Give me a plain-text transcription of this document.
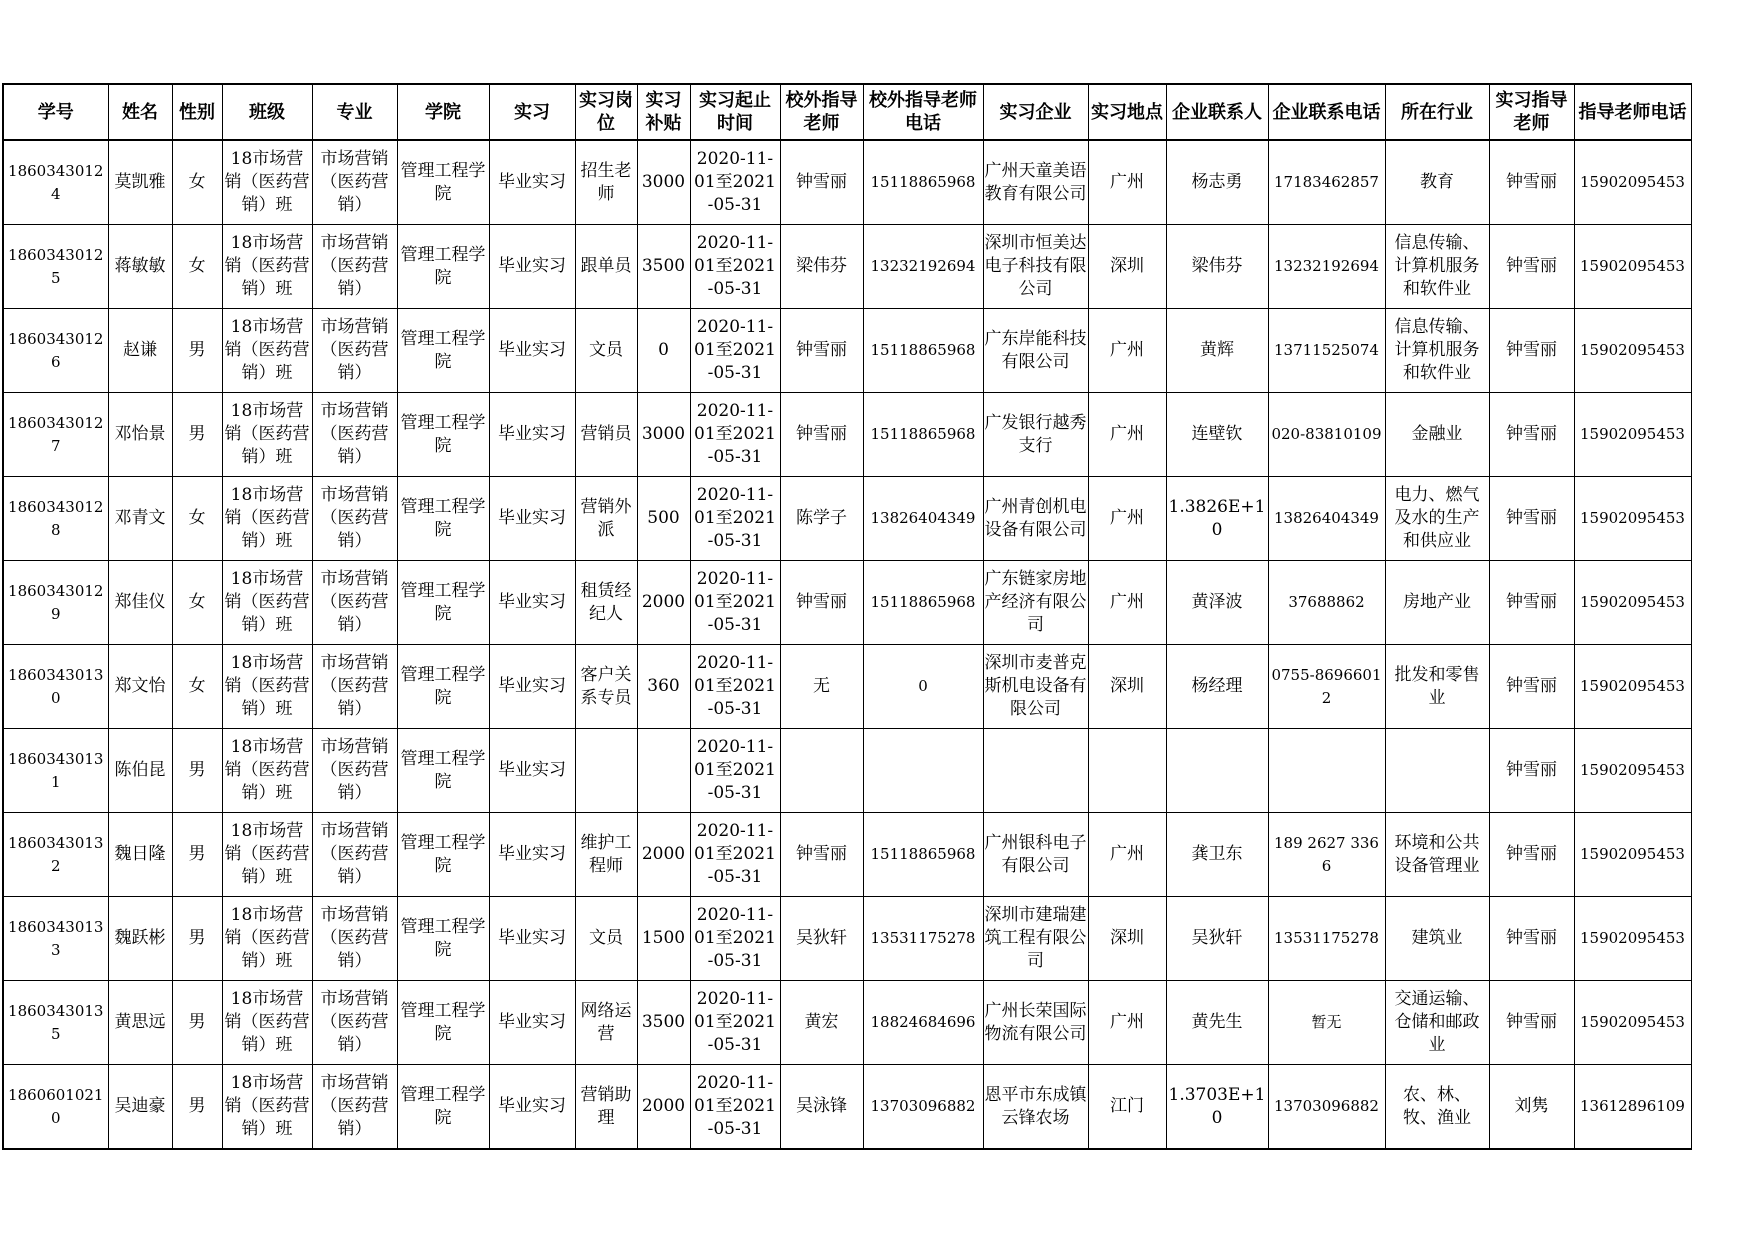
学号	姓名	性别	班级	专业	学院	实习	实习岗位	实习补贴	实习起止时间	校外指导老师	校外指导老师电话	实习企业	实习地点	企业联系人	企业联系电话	所在行业	实习指导老师	指导老师电话

18603430124	莫凯雅	女	18市场营销（医药营销）班	市场营销（医药营销）	管理工程学院	毕业实习	招生老师	3000	2020-11-01至2021-05-31	钟雪丽	15118865968	广州天童美语教育有限公司	广州	杨志勇	17183462857	教育	钟雪丽	15902095453

18603430125	蒋敏敏	女	18市场营销（医药营销）班	市场营销（医药营销）	管理工程学院	毕业实习	跟单员	3500	2020-11-01至2021-05-31	梁伟芬	13232192694	深圳市恒美达电子科技有限公司	深圳	梁伟芬	13232192694	信息传输、计算机服务和软件业	钟雪丽	15902095453

18603430126	赵谦	男	18市场营销（医药营销）班	市场营销（医药营销）	管理工程学院	毕业实习	文员	0	2020-11-01至2021-05-31	钟雪丽	15118865968	广东岸能科技有限公司	广州	黄辉	13711525074	信息传输、计算机服务和软件业	钟雪丽	15902095453

18603430127	邓怡景	男	18市场营销（医药营销）班	市场营销（医药营销）	管理工程学院	毕业实习	营销员	3000	2020-11-01至2021-05-31	钟雪丽	15118865968	广发银行越秀支行	广州	连壁钦	020-83810109	金融业	钟雪丽	15902095453

18603430128	邓青文	女	18市场营销（医药营销）班	市场营销（医药营销）	管理工程学院	毕业实习	营销外派	500	2020-11-01至2021-05-31	陈学子	13826404349	广州青创机电设备有限公司	广州	1.3826E+10	13826404349	电力、燃气及水的生产和供应业	钟雪丽	15902095453

18603430129	郑佳仪	女	18市场营销（医药营销）班	市场营销（医药营销）	管理工程学院	毕业实习	租赁经纪人	2000	2020-11-01至2021-05-31	钟雪丽	15118865968	广东链家房地产经济有限公司	广州	黄泽波	37688862	房地产业	钟雪丽	15902095453

18603430130	郑文怡	女	18市场营销（医药营销）班	市场营销（医药营销）	管理工程学院	毕业实习	客户关系专员	360	2020-11-01至2021-05-31	无	0	深圳市麦普克斯机电设备有限公司	深圳	杨经理	0755-86966012	批发和零售业	钟雪丽	15902095453

18603430131	陈伯昆	男	18市场营销（医药营销）班	市场营销（医药营销）	管理工程学院	毕业实习			2020-11-01至2021-05-31								钟雪丽	15902095453

18603430132	魏日隆	男	18市场营销（医药营销）班	市场营销（医药营销）	管理工程学院	毕业实习	维护工程师	2000	2020-11-01至2021-05-31	钟雪丽	15118865968	广州银科电子有限公司	广州	龚卫东	189 2627 3366	环境和公共设备管理业	钟雪丽	15902095453

18603430133	魏跃彬	男	18市场营销（医药营销）班	市场营销（医药营销）	管理工程学院	毕业实习	文员	1500	2020-11-01至2021-05-31	吴狄轩	13531175278	深圳市建瑞建筑工程有限公司	深圳	吴狄轩	13531175278	建筑业	钟雪丽	15902095453

18603430135	黄思远	男	18市场营销（医药营销）班	市场营销（医药营销）	管理工程学院	毕业实习	网络运营	3500	2020-11-01至2021-05-31	黄宏	18824684696	广州长荣国际物流有限公司	广州	黄先生	暂无	交通运输、仓储和邮政业	钟雪丽	15902095453

18606010210	吴迪豪	男	18市场营销（医药营销）班	市场营销（医药营销）	管理工程学院	毕业实习	营销助理	2000	2020-11-01至2021-05-31	吴泳锋	13703096882	恩平市东成镇云锋农场	江门	1.3703E+10	13703096882	农、林、牧、渔业	刘隽	13612896109
